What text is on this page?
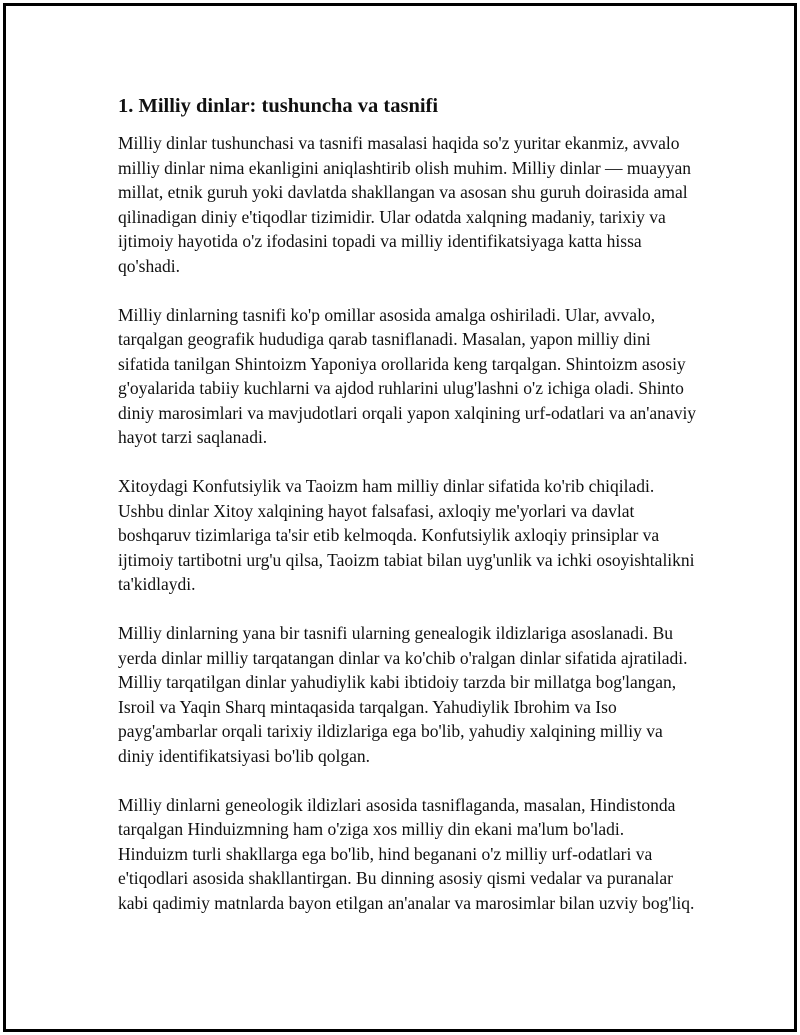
1. Milliy dinlar: tushuncha va tasnifi

Milliy dinlar tushunchasi va tasnifi masalasi haqida so'z yuritar ekanmiz, avvalo milliy dinlar nima ekanligini aniqlashtirib olish muhim. Milliy dinlar — muayyan millat, etnik guruh yoki davlatda shakllangan va asosan shu guruh doirasida amal qilinadigan diniy e'tiqodlar tizimidir. Ular odatda xalqning madaniy, tarixiy va ijtimoiy hayotida o'z ifodasini topadi va milliy identifikatsiyaga katta hissa qo'shadi.

Milliy dinlarning tasnifi ko'p omillar asosida amalga oshiriladi. Ular, avvalo, tarqalgan geografik hududiga qarab tasniflanadi. Masalan, yapon milliy dini sifatida tanilgan Shintoizm Yaponiya orollarida keng tarqalgan. Shintoizm asosiy g'oyalarida tabiiy kuchlarni va ajdod ruhlarini ulug'lashni o'z ichiga oladi. Shinto diniy marosimlari va mavjudotlari orqali yapon xalqining urf-odatlari va an'anaviy hayot tarzi saqlanadi.

Xitoydagi Konfutsiylik va Taoizm ham milliy dinlar sifatida ko'rib chiqiladi. Ushbu dinlar Xitoy xalqining hayot falsafasi, axloqiy me'yorlari va davlat boshqaruv tizimlariga ta'sir etib kelmoqda. Konfutsiylik axloqiy prinsiplar va ijtimoiy tartibotni urg'u qilsa, Taoizm tabiat bilan uyg'unlik va ichki osoyishtalikni ta'kidlaydi.

Milliy dinlarning yana bir tasnifi ularning genealogik ildizlariga asoslanadi. Bu yerda dinlar milliy tarqatangan dinlar va ko'chib o'ralgan dinlar sifatida ajratiladi. Milliy tarqatilgan dinlar yahudiylik kabi ibtidoiy tarzda bir millatga bog'langan, Isroil va Yaqin Sharq mintaqasida tarqalgan. Yahudiylik Ibrohim va Iso payg'ambarlar orqali tarixiy ildizlariga ega bo'lib, yahudiy xalqining milliy va diniy identifikatsiyasi bo'lib qolgan.

Milliy dinlarni geneologik ildizlari asosida tasniflaganda, masalan, Hindistonda tarqalgan Hinduizmning ham o'ziga xos milliy din ekani ma'lum bo'ladi. Hinduizm turli shakllarga ega bo'lib, hind beganani o'z milliy urf-odatlari va e'tiqodlari asosida shakllantirgan. Bu dinning asosiy qismi vedalar va puranalar kabi qadimiy matnlarda bayon etilgan an'analar va marosimlar bilan uzviy bog'liq.
